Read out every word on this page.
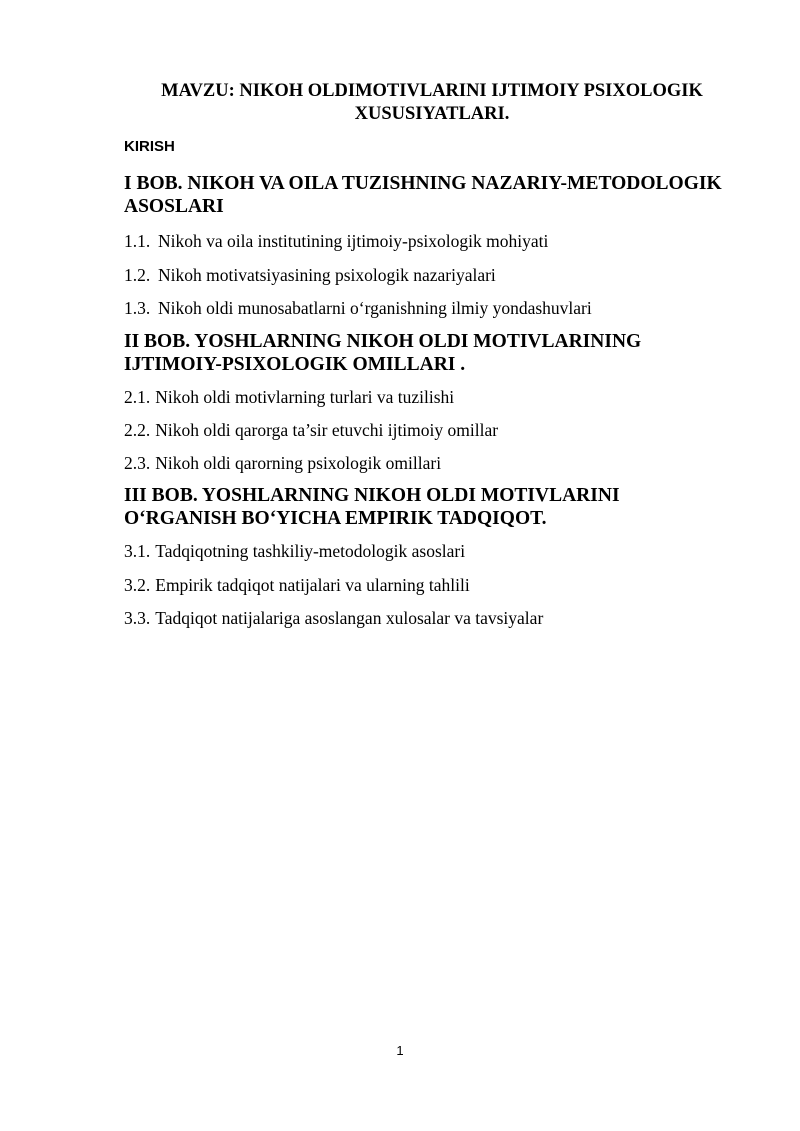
MAVZU: NIKOH OLDIMOTIVLARINI IJTIMOIY PSIXOLOGIK XUSUSIYATLARI.
KIRISH
I BOB. NIKOH VA OILA TUZISHNING NAZARIY-METODOLOGIK ASOSLARI
1.1. Nikoh va oila institutining ijtimoiy-psixologik mohiyati
1.2. Nikoh motivatsiyasining psixologik nazariyalari
1.3. Nikoh oldi munosabatlarni o‘rganishning ilmiy yondashuvlari
II BOB. YOSHLARNING NIKOH OLDI MOTIVLARINING IJTIMOIY-PSIXOLOGIK OMILLARI .
2.1. Nikoh oldi motivlarning turlari va tuzilishi
2.2. Nikoh oldi qarorga ta’sir etuvchi ijtimoiy omillar
2.3. Nikoh oldi qarorning psixologik omillari
III BOB. YOSHLARNING NIKOH OLDI MOTIVLARINI O‘RGANISH BO‘YICHA EMPIRIK TADQIQOT.
3.1. Tadqiqotning tashkiliy-metodologik asoslari
3.2. Empirik tadqiqot natijalari va ularning tahlili
3.3. Tadqiqot natijalariga asoslangan xulosalar va tavsiyalar
1
